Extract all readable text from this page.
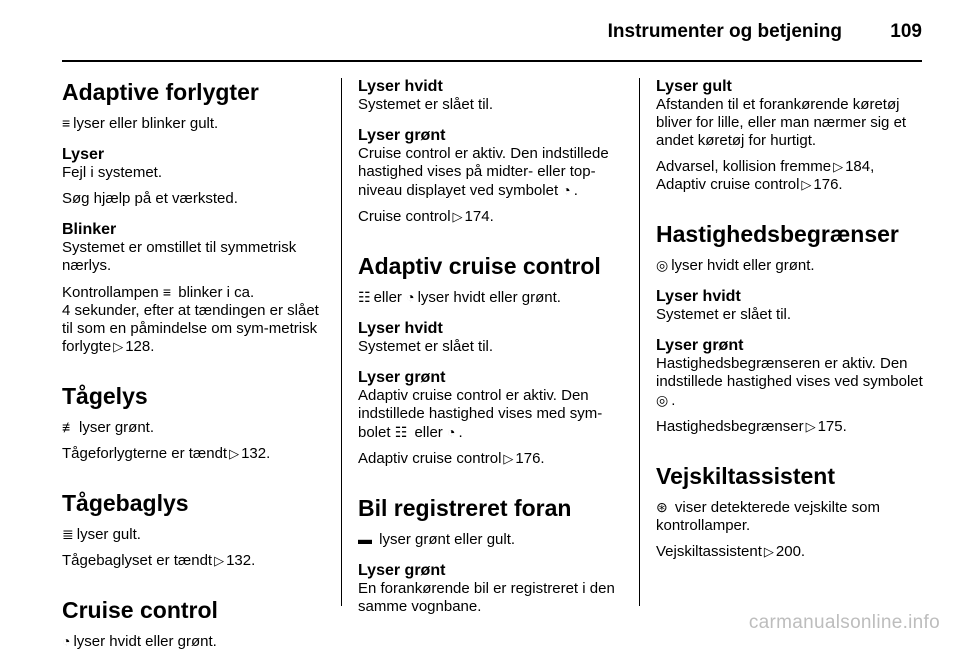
Instrumenter og betjening	109
Adaptive forlygter

≡ lyser eller blinker gult.

Lyser

Fejl i systemet.

Søg hjælp på et værksted.

Blinker

Systemet er omstillet til symmetrisk nærlys.

Kontrollampen ≡ blinker i ca.
4 sekunder, efter at tændingen er slået til som en påmindelse om sym-metrisk forlygte ▷ 128.

Tågelys

≢ lyser grønt.

Tågeforlygterne er tændt ▷ 132.

Tågebaglys

≣ lyser gult.

Tågebaglyset er tændt ▷ 132.

Cruise control

◔ lyser hvidt eller grønt.

Lyser hvidt

Systemet er slået til.

Lyser grønt

Cruise control er aktiv. Den indstillede hastighed vises på midter- eller top-niveau displayet ved symbolet ◔ .

Cruise control ▷ 174.

Adaptiv cruise control

☷ eller ◔ lyser hvidt eller grønt.

Lyser hvidt

Systemet er slået til.

Lyser grønt

Adaptiv cruise control er aktiv. Den indstillede hastighed vises med sym-bolet ☷ eller ◔ .

Adaptiv cruise control ▷ 176.

Bil registreret foran

▬ lyser grønt eller gult.

Lyser grønt

En forankørende bil er registreret i den samme vognbane.

Lyser gult

Afstanden til et forankørende køretøj bliver for lille, eller man nærmer sig et andet køretøj for hurtigt.

Advarsel, kollision fremme ▷ 184,
Adaptiv cruise control ▷ 176.

Hastighedsbegrænser

◎ lyser hvidt eller grønt.

Lyser hvidt

Systemet er slået til.

Lyser grønt

Hastighedsbegrænseren er aktiv. Den indstillede hastighed vises ved symbolet ◎ .

Hastighedsbegrænser ▷ 175.

Vejskiltassistent

⊛ viser detekterede vejskilte som kontrollamper.

Vejskiltassistent ▷ 200.

carmanualsonline.info
